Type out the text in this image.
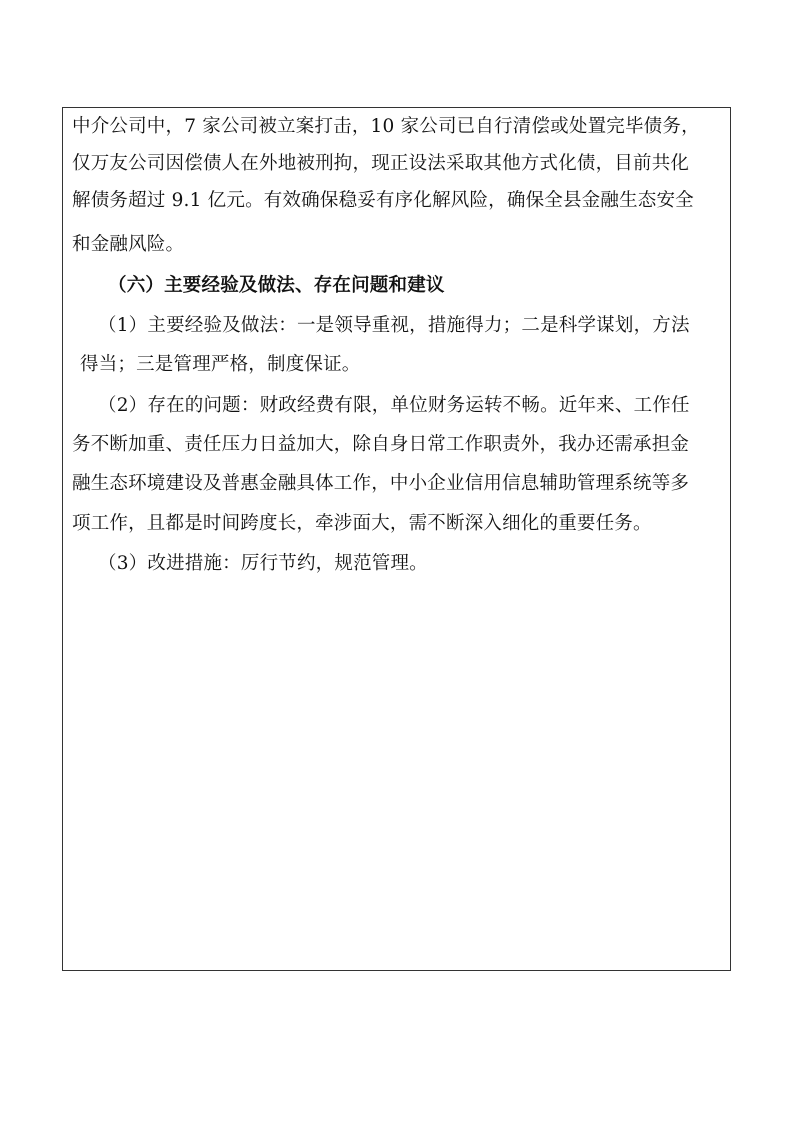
中介公司中，7 家公司被立案打击，10 家公司已自行清偿或处置完毕债务，
仅万友公司因偿债人在外地被刑拘，现正设法采取其他方式化债，目前共化
解债务超过 9.1 亿元。有效确保稳妥有序化解风险，确保全县金融生态安全
和金融风险。
（六）主要经验及做法、存在问题和建议
（1）主要经验及做法：一是领导重视，措施得力；二是科学谋划，方法
得当；三是管理严格，制度保证。
（2）存在的问题：财政经费有限，单位财务运转不畅。近年来、工作任
务不断加重、责任压力日益加大，除自身日常工作职责外，我办还需承担金
融生态环境建设及普惠金融具体工作，中小企业信用信息辅助管理系统等多
项工作，且都是时间跨度长，牵涉面大，需不断深入细化的重要任务。
（3）改进措施：厉行节约，规范管理。
